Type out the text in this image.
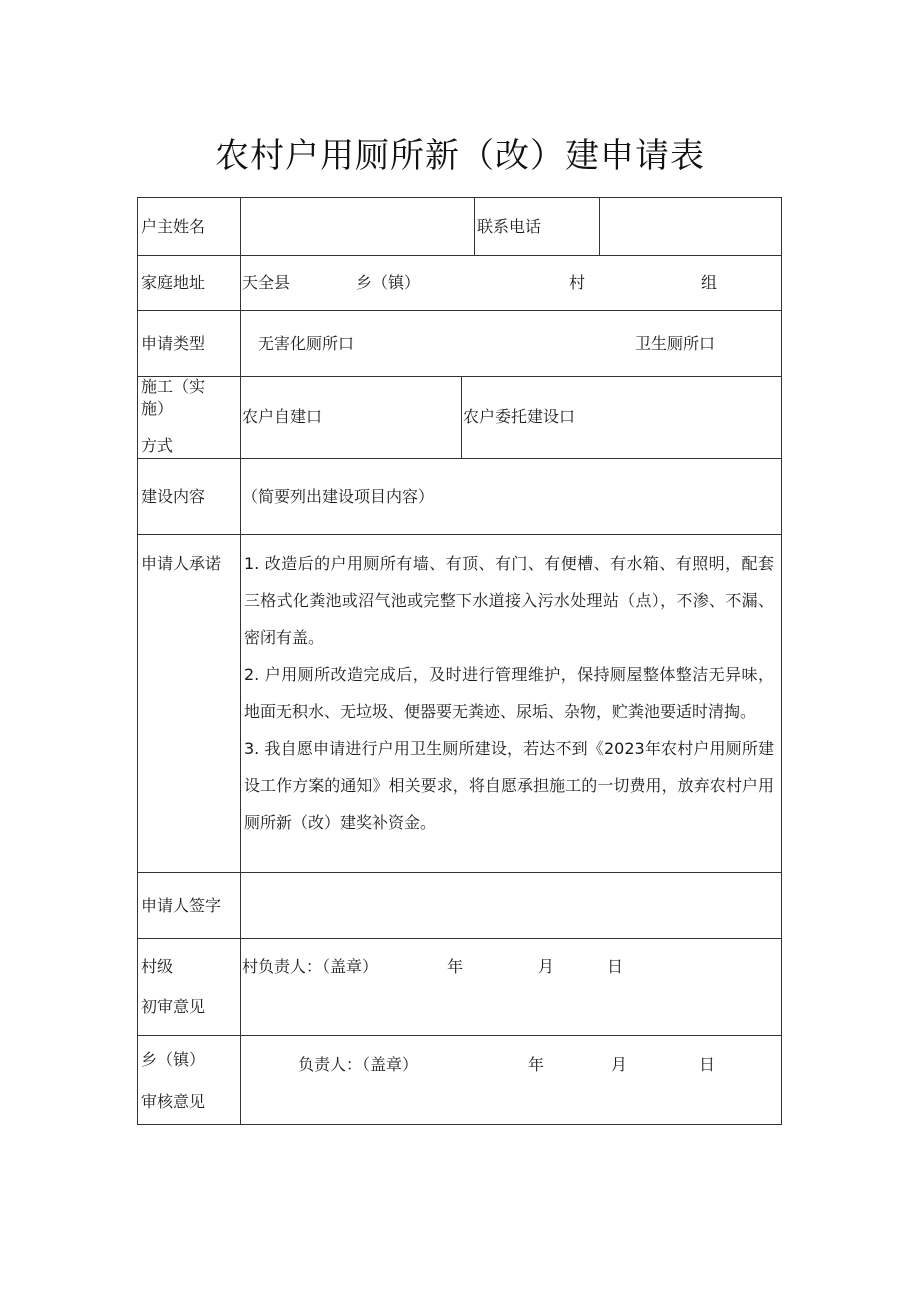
农村户用厕所新（改）建申请表
户主姓名	联系电话
家庭地址 天全县	乡（镇）	村	组
申请类型	无害化厕所口	卫生厕所口
施工（实
施）
方式
农户自建口	农户委托建设口
建设内容 （简要列出建设项目内容）
申请人承诺 1. 改造后的户用厕所有墙、有顶、有门、有便槽、有水箱、有照明，配套三格式化粪池或沼气池或完整下水道接入污水处理站（点），不渗、不漏、密闭有盖。

2. 户用厕所改造完成后，及时进行管理维护，保持厕屋整体整洁无异味，地面无积水、无垃圾、便器要无粪迹、尿垢、杂物，贮粪池要适时清掏。

3. 我自愿申请进行户用卫生厕所建设，若达不到《2023年农村户用厕所建设工作方案的通知》相关要求，将自愿承担施工的一切费用，放弃农村户用厕所新（改）建奖补资金。

申请人签字
村级
初审意见
村负责人：（盖章）	年	月	日
乡（镇）
审核意见
负责人：（盖章）	年	月	日
